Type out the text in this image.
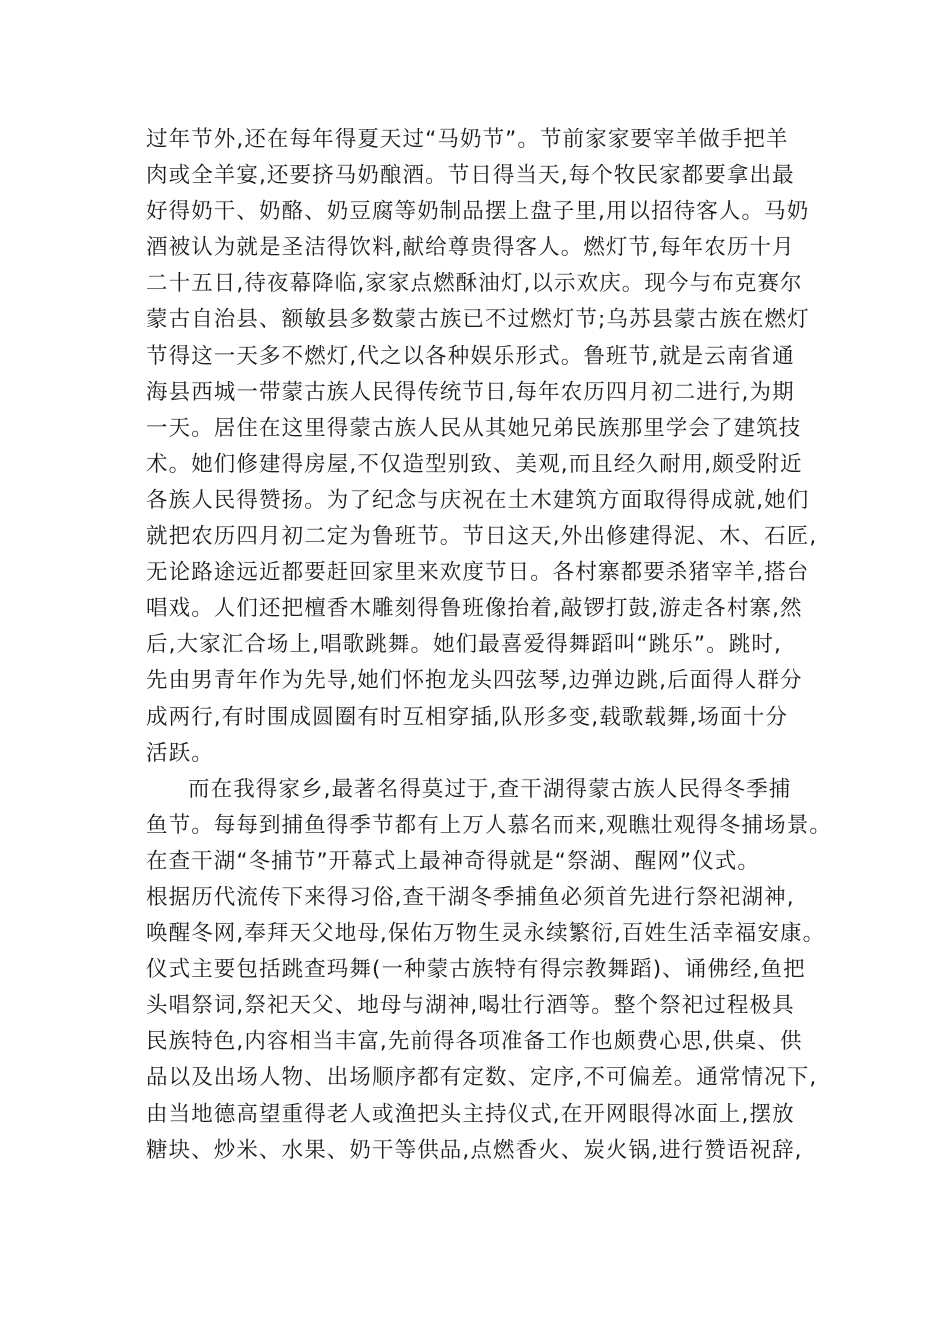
过年节外,还在每年得夏天过“马奶节”。节前家家要宰羊做手把羊
肉或全羊宴,还要挤马奶酿酒。节日得当天,每个牧民家都要拿出最
好得奶干、奶酪、奶豆腐等奶制品摆上盘子里,用以招待客人。马奶
酒被认为就是圣洁得饮料,献给尊贵得客人。燃灯节,每年农历十月
二十五日,待夜幕降临,家家点燃酥油灯,以示欢庆。现今与布克赛尔
蒙古自治县、额敏县多数蒙古族已不过燃灯节;乌苏县蒙古族在燃灯
节得这一天多不燃灯,代之以各种娱乐形式。鲁班节,就是云南省通
海县西城一带蒙古族人民得传统节日,每年农历四月初二进行,为期
一天。居住在这里得蒙古族人民从其她兄弟民族那里学会了建筑技
术。她们修建得房屋,不仅造型别致、美观,而且经久耐用,颇受附近
各族人民得赞扬。为了纪念与庆祝在土木建筑方面取得得成就,她们
就把农历四月初二定为鲁班节。节日这天,外出修建得泥、木、石匠,
无论路途远近都要赶回家里来欢度节日。各村寨都要杀猪宰羊,搭台
唱戏。人们还把檀香木雕刻得鲁班像抬着,敲锣打鼓,游走各村寨,然
后,大家汇合场上,唱歌跳舞。她们最喜爱得舞蹈叫“跳乐”。跳时,
先由男青年作为先导,她们怀抱龙头四弦琴,边弹边跳,后面得人群分
成两行,有时围成圆圈有时互相穿插,队形多变,载歌载舞,场面十分
活跃。
而在我得家乡,最著名得莫过于,查干湖得蒙古族人民得冬季捕
鱼节。每每到捕鱼得季节都有上万人慕名而来,观瞧壮观得冬捕场景。
在查干湖“冬捕节”开幕式上最神奇得就是“祭湖、醒网”仪式。
根据历代流传下来得习俗,查干湖冬季捕鱼必须首先进行祭祀湖神,
唤醒冬网,奉拜天父地母,保佑万物生灵永续繁衍,百姓生活幸福安康。
仪式主要包括跳查玛舞(一种蒙古族特有得宗教舞蹈)、诵佛经,鱼把
头唱祭词,祭祀天父、地母与湖神,喝壮行酒等。整个祭祀过程极具
民族特色,内容相当丰富,先前得各项准备工作也颇费心思,供桌、供
品以及出场人物、出场顺序都有定数、定序,不可偏差。通常情况下,
由当地德高望重得老人或渔把头主持仪式,在开网眼得冰面上,摆放
糖块、炒米、水果、奶干等供品,点燃香火、炭火锅,进行赞语祝辞,
